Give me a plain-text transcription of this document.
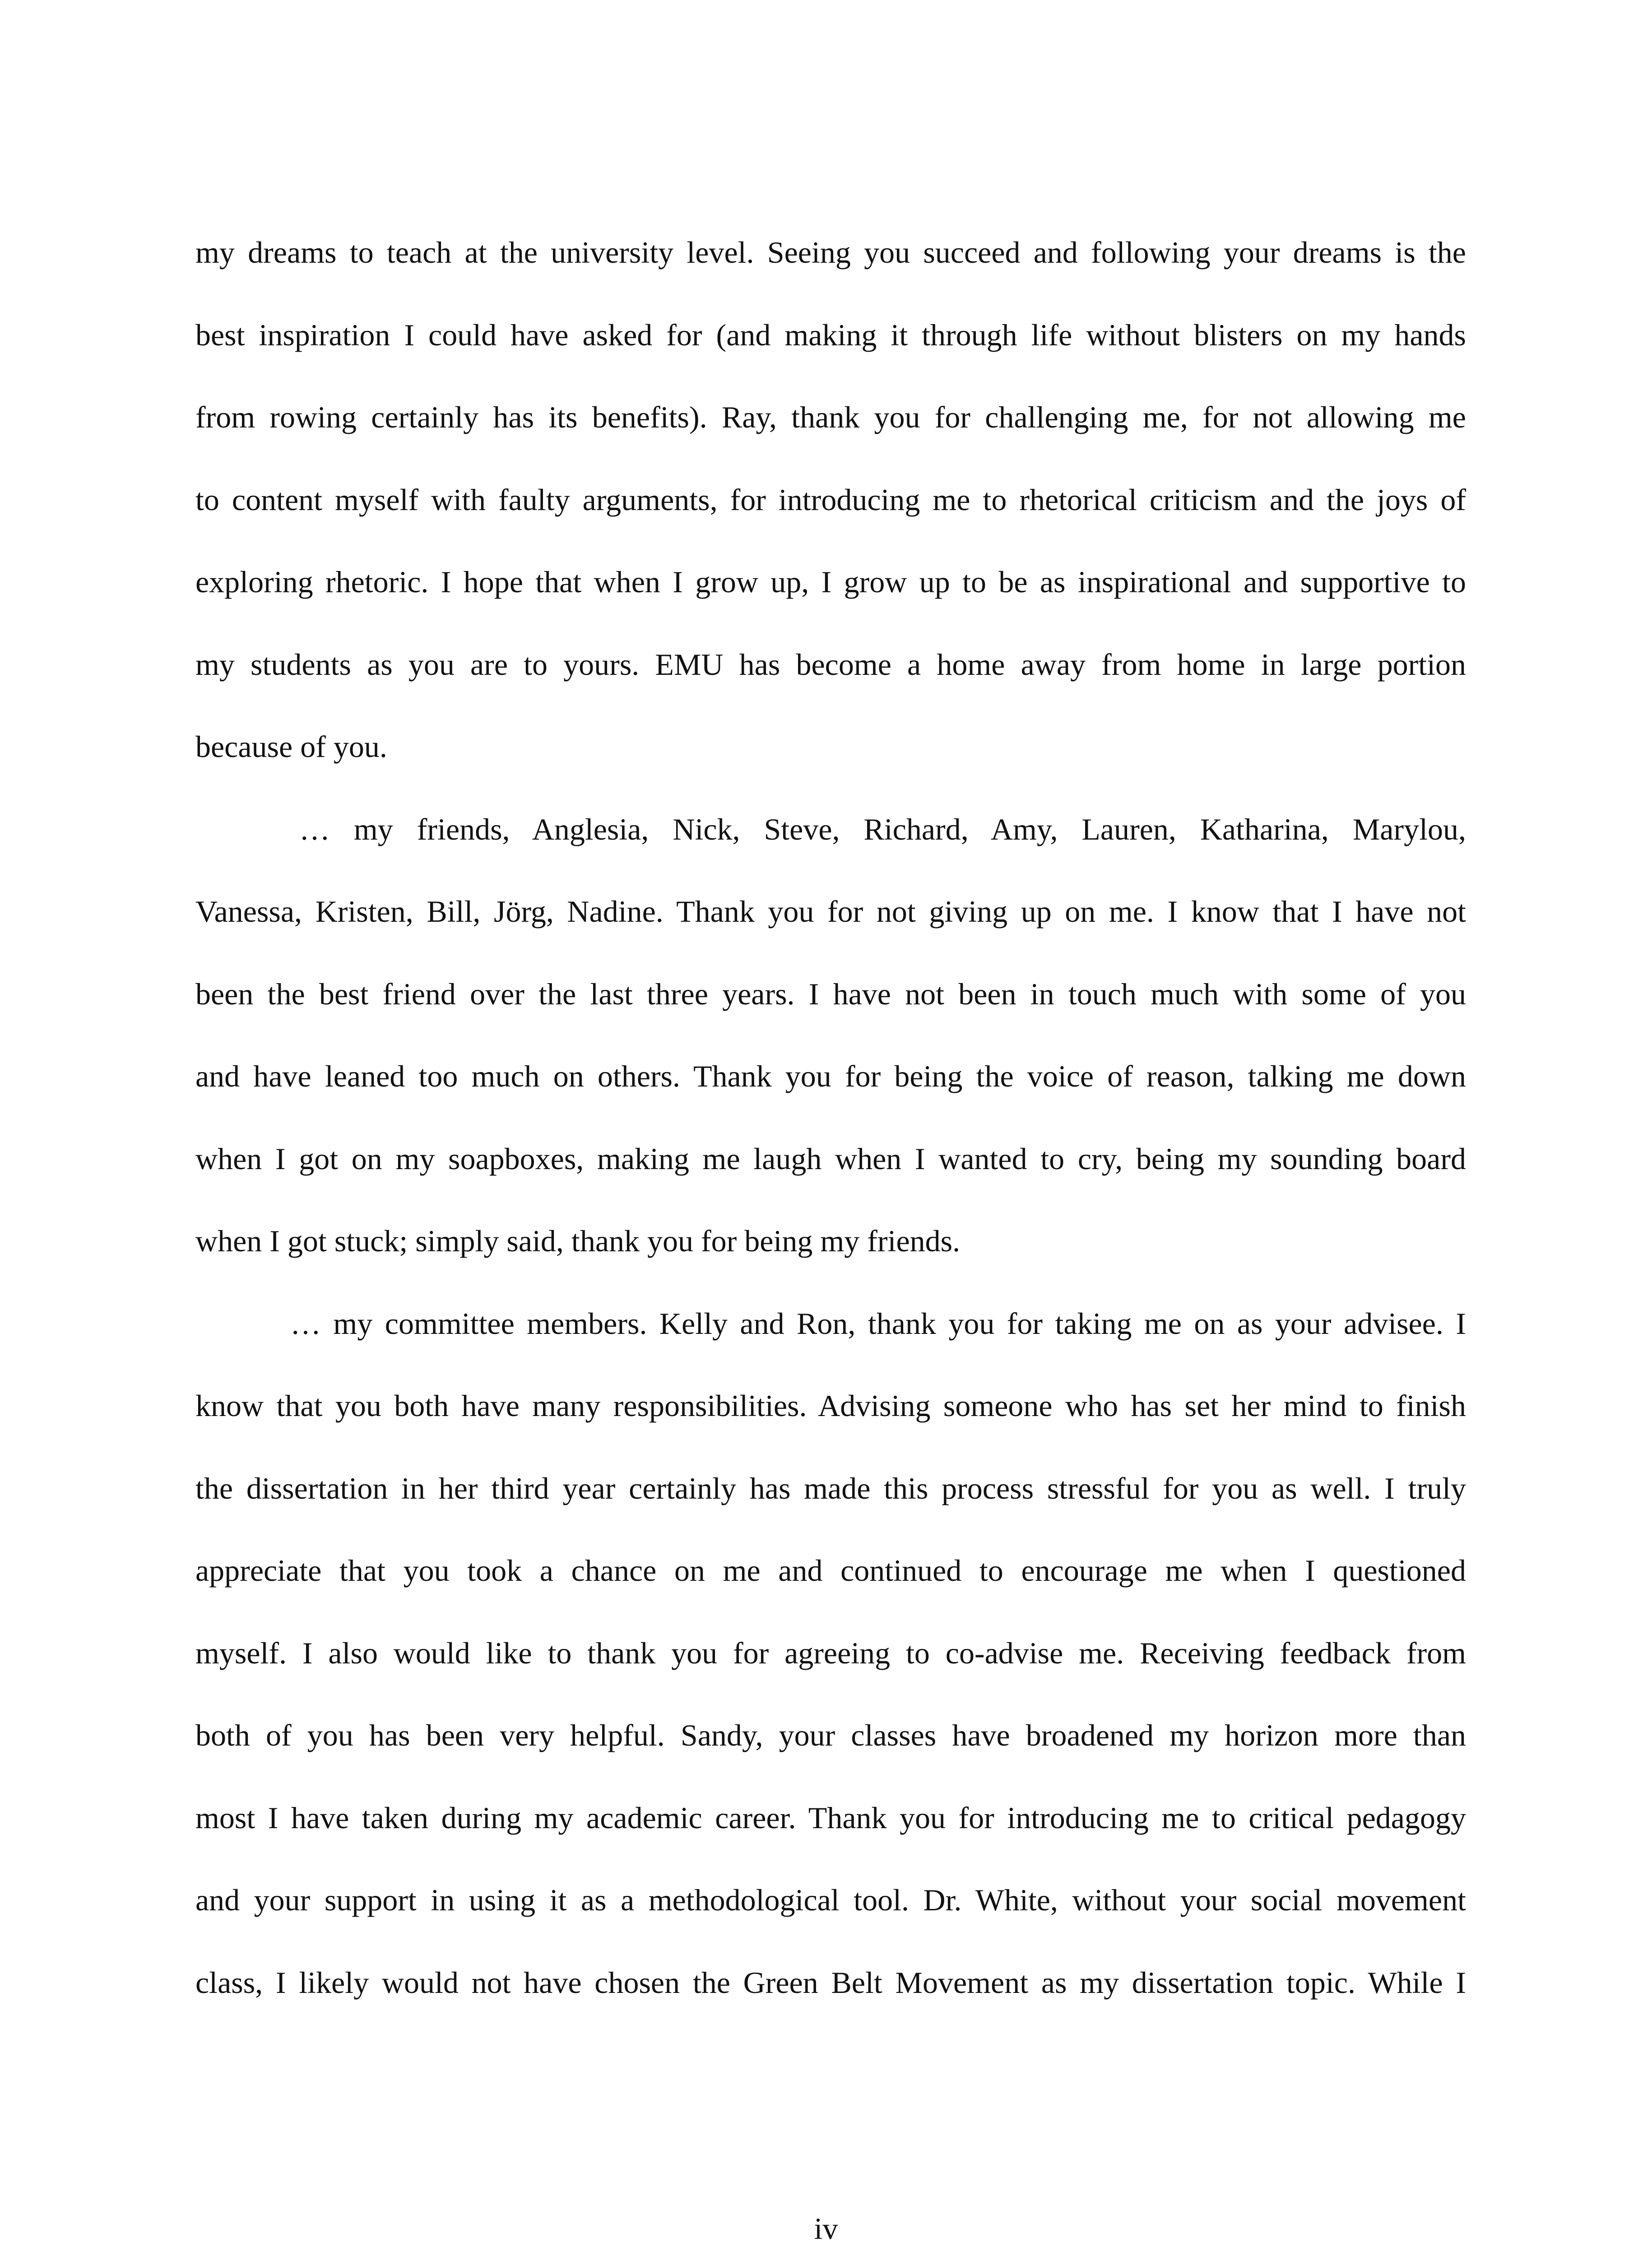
my dreams to teach at the university level. Seeing you succeed and following your dreams is the
best inspiration I could have asked for (and making it through life without blisters on my hands
from rowing certainly has its benefits). Ray, thank you for challenging me, for not allowing me
to content myself with faulty arguments, for introducing me to rhetorical criticism and the joys of
exploring rhetoric. I hope that when I grow up, I grow up to be as inspirational and supportive to
my students as you are to yours. EMU has become a home away from home in large portion
because of you.
… my friends, Anglesia, Nick, Steve, Richard, Amy, Lauren, Katharina, Marylou,
Vanessa, Kristen, Bill, Jörg, Nadine. Thank you for not giving up on me. I know that I have not
been the best friend over the last three years. I have not been in touch much with some of you
and have leaned too much on others. Thank you for being the voice of reason, talking me down
when I got on my soapboxes, making me laugh when I wanted to cry, being my sounding board
when I got stuck; simply said, thank you for being my friends.
… my committee members. Kelly and Ron, thank you for taking me on as your advisee. I
know that you both have many responsibilities. Advising someone who has set her mind to finish
the dissertation in her third year certainly has made this process stressful for you as well. I truly
appreciate that you took a chance on me and continued to encourage me when I questioned
myself. I also would like to thank you for agreeing to co-advise me. Receiving feedback from
both of you has been very helpful. Sandy, your classes have broadened my horizon more than
most I have taken during my academic career. Thank you for introducing me to critical pedagogy
and your support in using it as a methodological tool. Dr. White, without your social movement
class, I likely would not have chosen the Green Belt Movement as my dissertation topic. While I
iv
